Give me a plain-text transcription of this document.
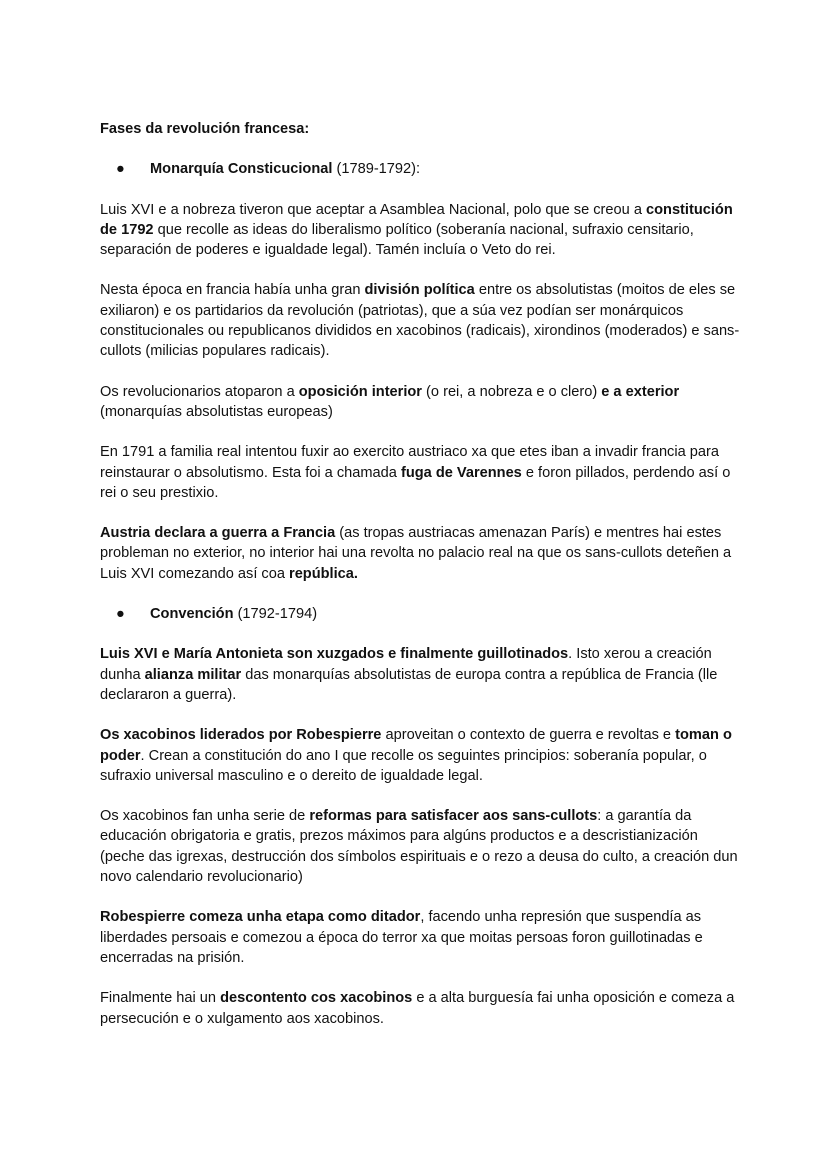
Fases da revolución francesa:
● Monarquía Consticucional (1789-1792):
Luis XVI e a nobreza tiveron que aceptar a Asamblea Nacional, polo que se creou a constitución de 1792 que recolle as ideas do liberalismo político (soberanía nacional, sufraxio censitario, separación de poderes e igualdade legal). Tamén incluía o Veto do rei.
Nesta época en francia había unha gran división política entre os absolutistas (moitos de eles se exiliaron) e os partidarios da revolución (patriotas), que a súa vez podían ser monárquicos constitucionales ou republicanos divididos en xacobinos (radicais), xirondinos (moderados) e sans-cullots (milicias populares radicais).
Os revolucionarios atoparon a oposición interior (o rei, a nobreza e o clero) e a exterior (monarquías absolutistas europeas)
En 1791 a familia real intentou fuxir ao exercito austriaco xa que etes iban a invadir francia para reinstaurar o absolutismo. Esta foi a chamada fuga de Varennes e foron pillados, perdendo así o rei o seu prestixio.
Austria declara a guerra a Francia (as tropas austriacas amenazan París) e mentres hai estes probleman no exterior, no interior hai una revolta no palacio real na que os sans-cullots deteñen a Luis XVI comezando así coa república.
● Convención (1792-1794)
Luis XVI e María Antonieta son xuzgados e finalmente guillotinados. Isto xerou a creación dunha alianza militar das monarquías absolutistas de europa contra a república de Francia (lle declararon a guerra).
Os xacobinos liderados por Robespierre aproveitan o contexto de guerra e revoltas e toman o poder. Crean a constitución do ano I que recolle os seguintes principios: soberanía popular, o sufraxio universal masculino e o dereito de igualdade legal.
Os xacobinos fan unha serie de reformas para satisfacer aos sans-cullots: a garantía da educación obrigatoria e gratis, prezos máximos para algúns productos e a descristianización (peche das igrexas, destrucción dos símbolos espirituais e o rezo a deusa do culto, a creación dun novo calendario revolucionario)
Robespierre comeza unha etapa como ditador, facendo unha represión que suspendía as liberdades persoais e comezou a época do terror xa que moitas persoas foron guillotinadas e encerradas na prisión.
Finalmente hai un descontento cos xacobinos e a alta burguesía fai unha oposición e comeza a persecución e o xulgamento aos xacobinos.
